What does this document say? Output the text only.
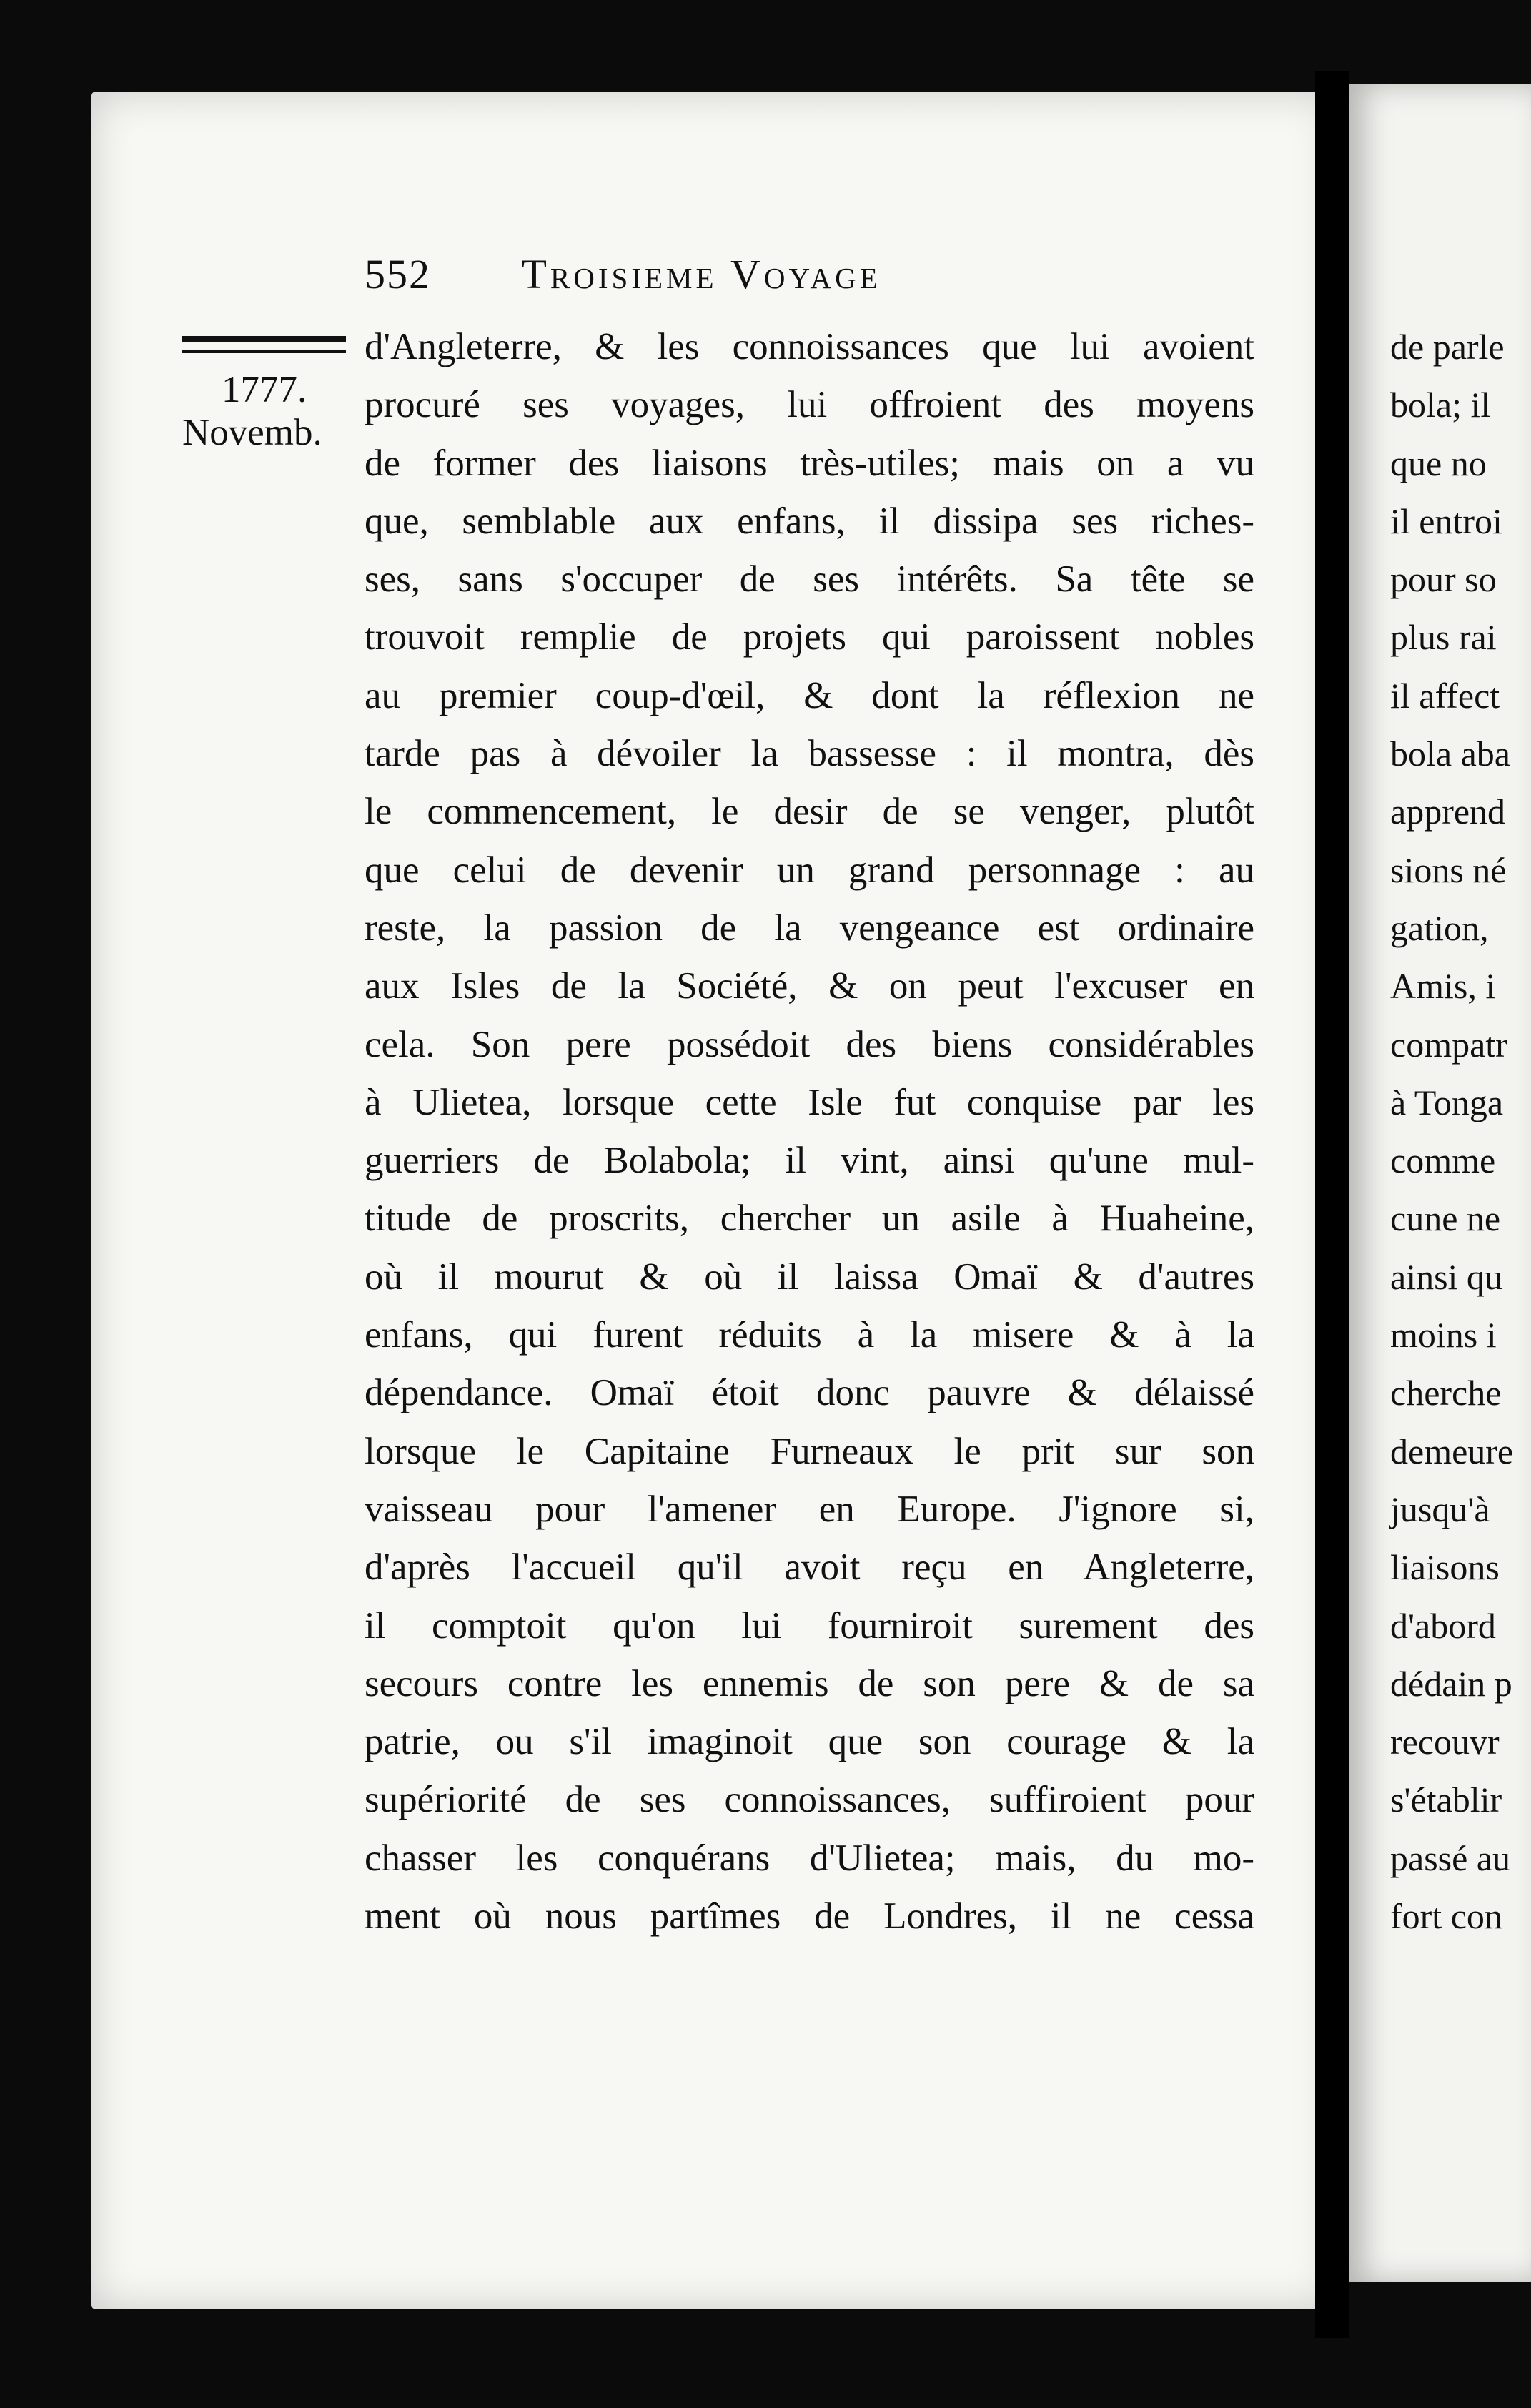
552 Troisieme Voyage
1777.
Novemb.
d'Angleterre, & les connoissances que lui avoient
procuré ses voyages, lui offroient des moyens
de former des liaisons très-utiles; mais on a vu
que, semblable aux enfans, il dissipa ses riches-
ses, sans s'occuper de ses intérêts. Sa tête se
trouvoit remplie de projets qui paroissent nobles
au premier coup-d'œil, & dont la réflexion ne
tarde pas à dévoiler la bassesse : il montra, dès
le commencement, le desir de se venger, plutôt
que celui de devenir un grand personnage : au
reste, la passion de la vengeance est ordinaire
aux Isles de la Société, & on peut l'excuser en
cela. Son pere possédoit des biens considérables
à Ulietea, lorsque cette Isle fut conquise par les
guerriers de Bolabola; il vint, ainsi qu'une mul-
titude de proscrits, chercher un asile à Huaheine,
où il mourut & où il laissa Omaï & d'autres
enfans, qui furent réduits à la misere & à la
dépendance. Omaï étoit donc pauvre & délaissé
lorsque le Capitaine Furneaux le prit sur son
vaisseau pour l'amener en Europe. J'ignore si,
d'après l'accueil qu'il avoit reçu en Angleterre,
il comptoit qu'on lui fourniroit surement des
secours contre les ennemis de son pere & de sa
patrie, ou s'il imaginoit que son courage & la
supériorité de ses connoissances, suffiroient pour
chasser les conquérans d'Ulietea; mais, du mo-
ment où nous partîmes de Londres, il ne cessa
de parle
bola; il
que no
il entroi
pour so
plus rai
il affect
bola aba
apprend
sions né
gation,
Amis, i
compatr
à Tonga
comme
cune ne
ainsi qu
moins i
cherche
demeure
jusqu'à
liaisons
d'abord
dédain p
recouvr
s'établir
passé au
fort con
